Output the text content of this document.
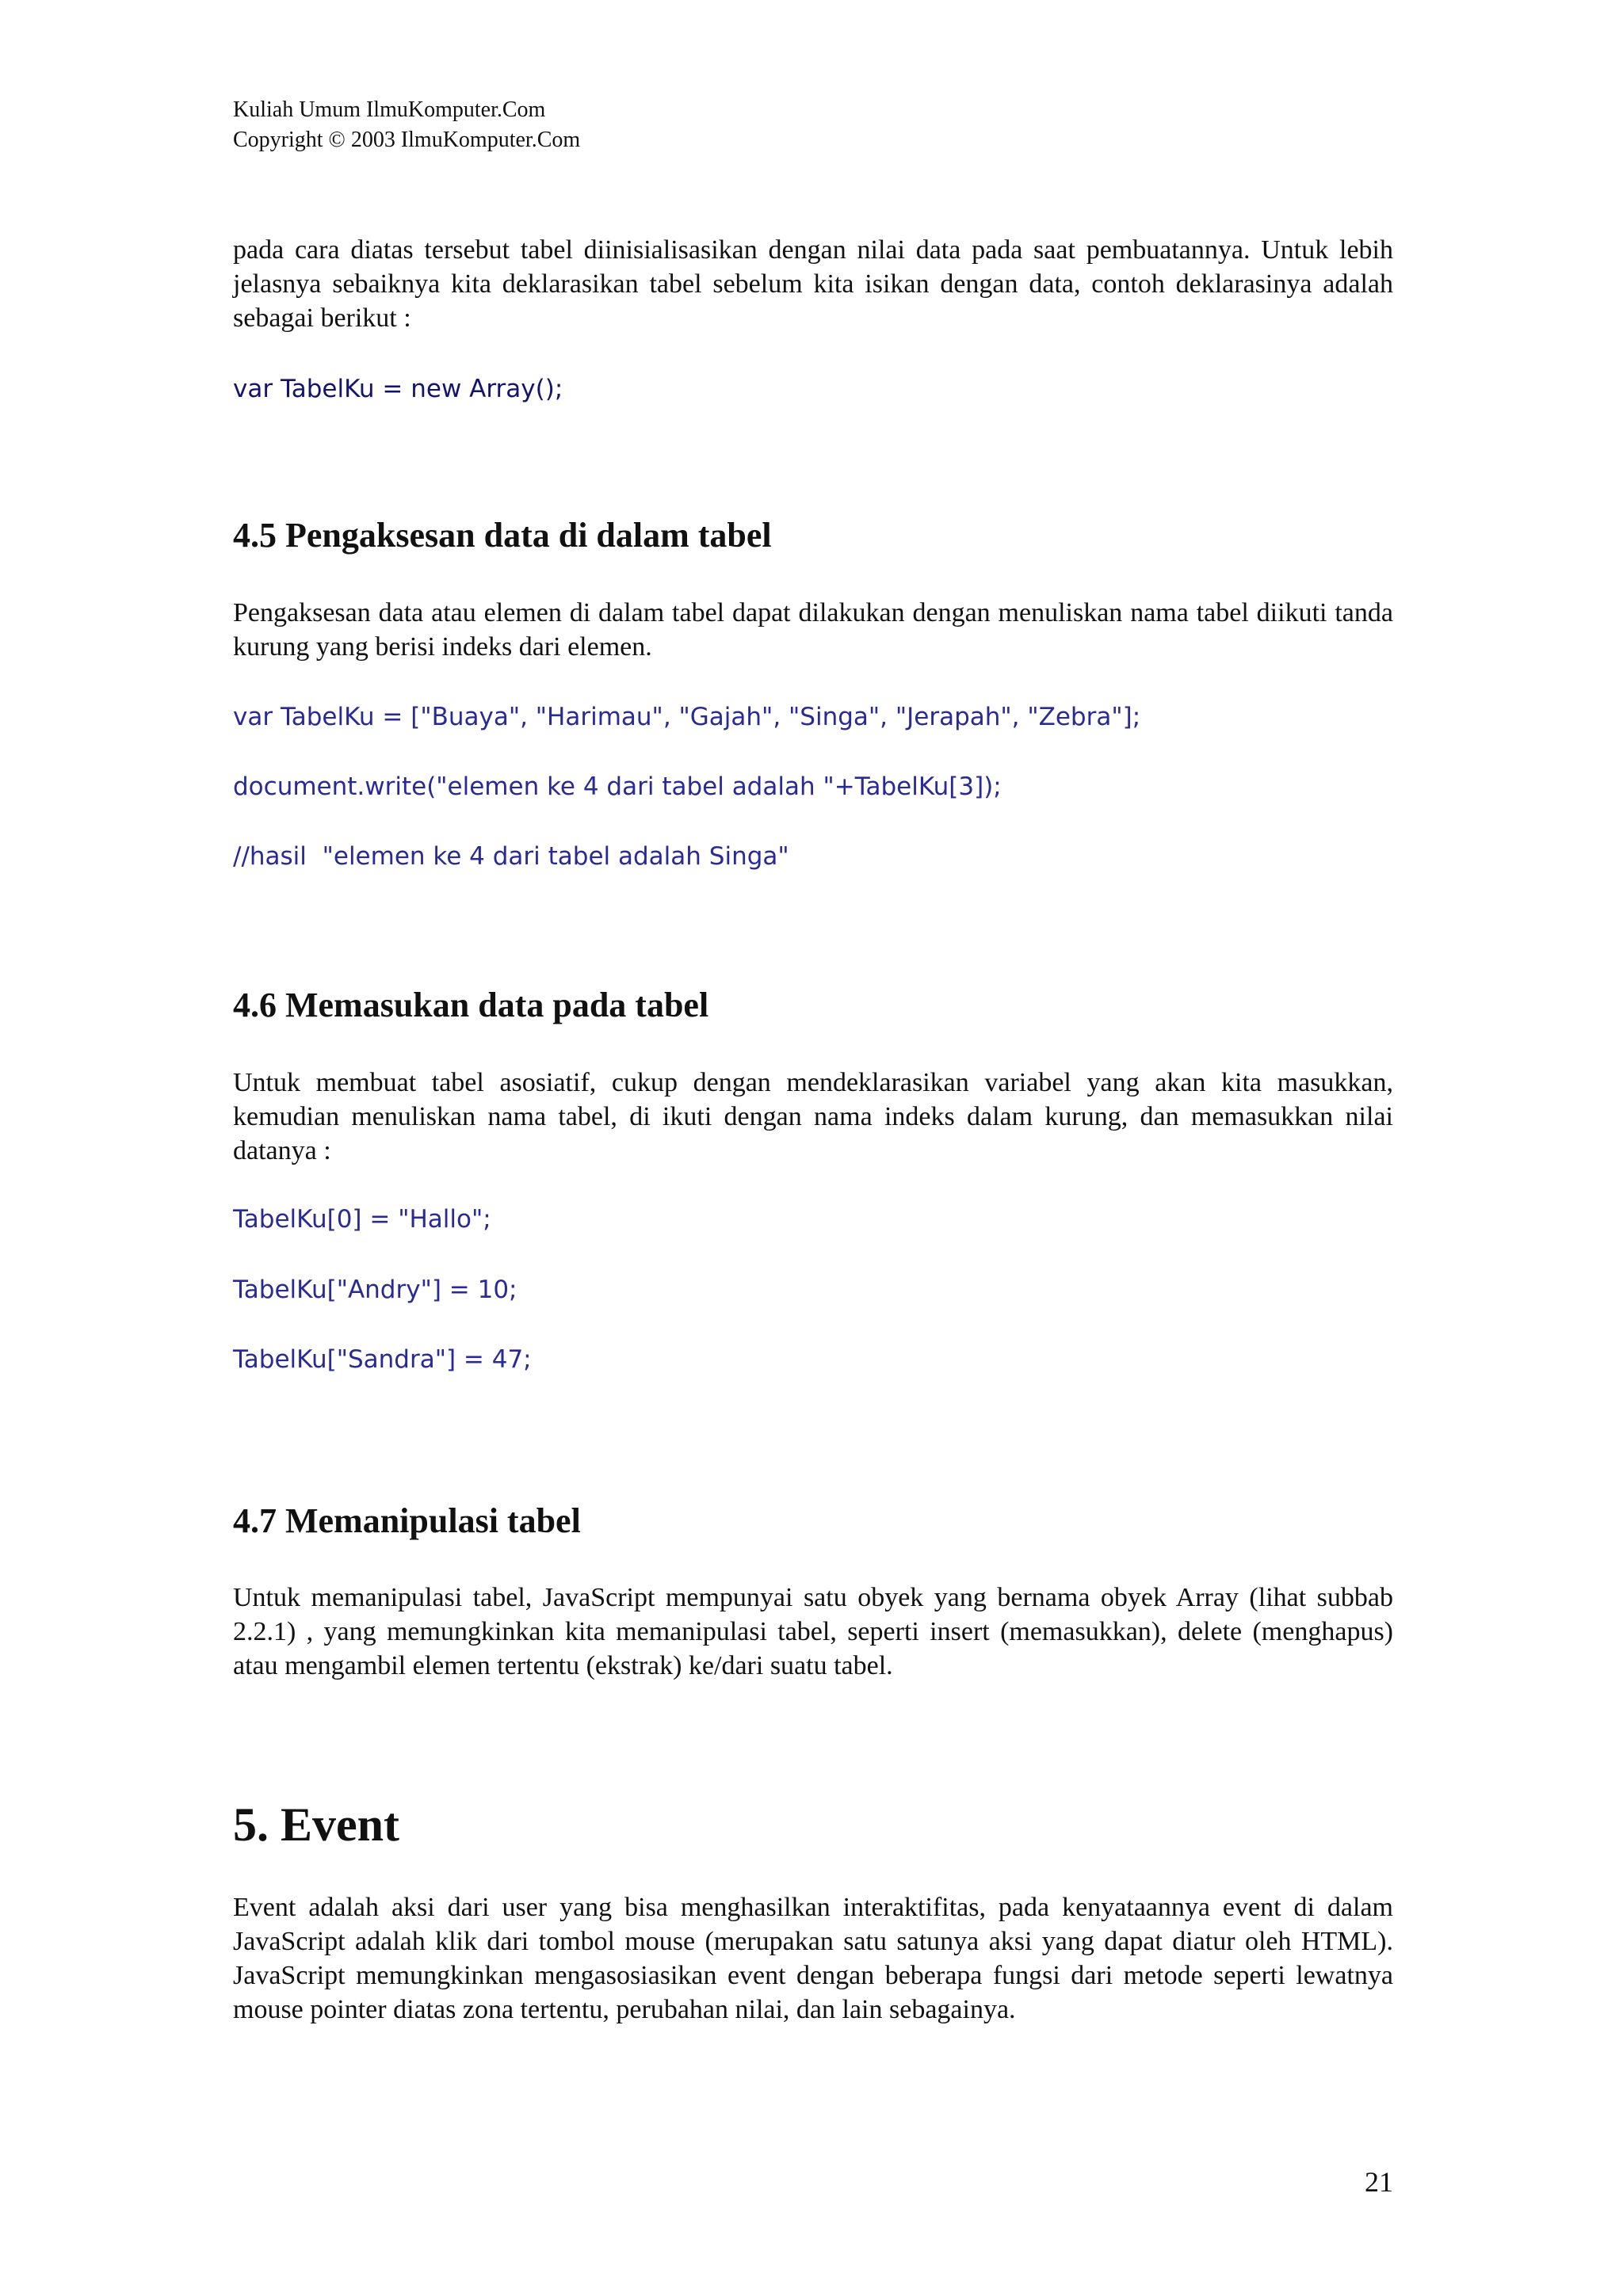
Kuliah Umum IlmuKomputer.Com
Copyright © 2003 IlmuKomputer.Com

pada cara diatas tersebut tabel diinisialisasikan dengan nilai data pada saat pembuatannya. Untuk lebih jelasnya sebaiknya kita deklarasikan tabel sebelum kita isikan dengan data, contoh deklarasinya adalah sebagai berikut :

var TabelKu = new Array();

4.5 Pengaksesan data di dalam tabel

Pengaksesan data atau elemen di dalam tabel dapat dilakukan dengan menuliskan nama tabel diikuti tanda kurung yang berisi indeks dari elemen.

var TabelKu = ["Buaya", "Harimau", "Gajah", "Singa", "Jerapah", "Zebra"];

document.write("elemen ke 4 dari tabel adalah "+TabelKu[3]);

//hasil  "elemen ke 4 dari tabel adalah Singa"

4.6 Memasukan data pada tabel

Untuk membuat tabel asosiatif, cukup dengan mendeklarasikan variabel yang akan kita masukkan, kemudian menuliskan nama tabel, di ikuti dengan nama indeks dalam kurung, dan memasukkan nilai datanya :

TabelKu[0] = "Hallo";

TabelKu["Andry"] = 10;

TabelKu["Sandra"] = 47;

4.7 Memanipulasi tabel

Untuk memanipulasi tabel, JavaScript mempunyai satu obyek yang bernama obyek Array (lihat subbab 2.2.1) , yang memungkinkan kita memanipulasi tabel, seperti insert (memasukkan), delete (menghapus) atau mengambil elemen tertentu (ekstrak) ke/dari suatu tabel.

5. Event

Event adalah aksi dari user yang bisa menghasilkan interaktifitas, pada kenyataannya event di dalam JavaScript adalah klik dari tombol mouse (merupakan satu satunya aksi yang dapat diatur oleh HTML). JavaScript memungkinkan mengasosiasikan event dengan beberapa fungsi dari metode seperti lewatnya mouse pointer diatas zona tertentu, perubahan nilai, dan lain sebagainya.

21
